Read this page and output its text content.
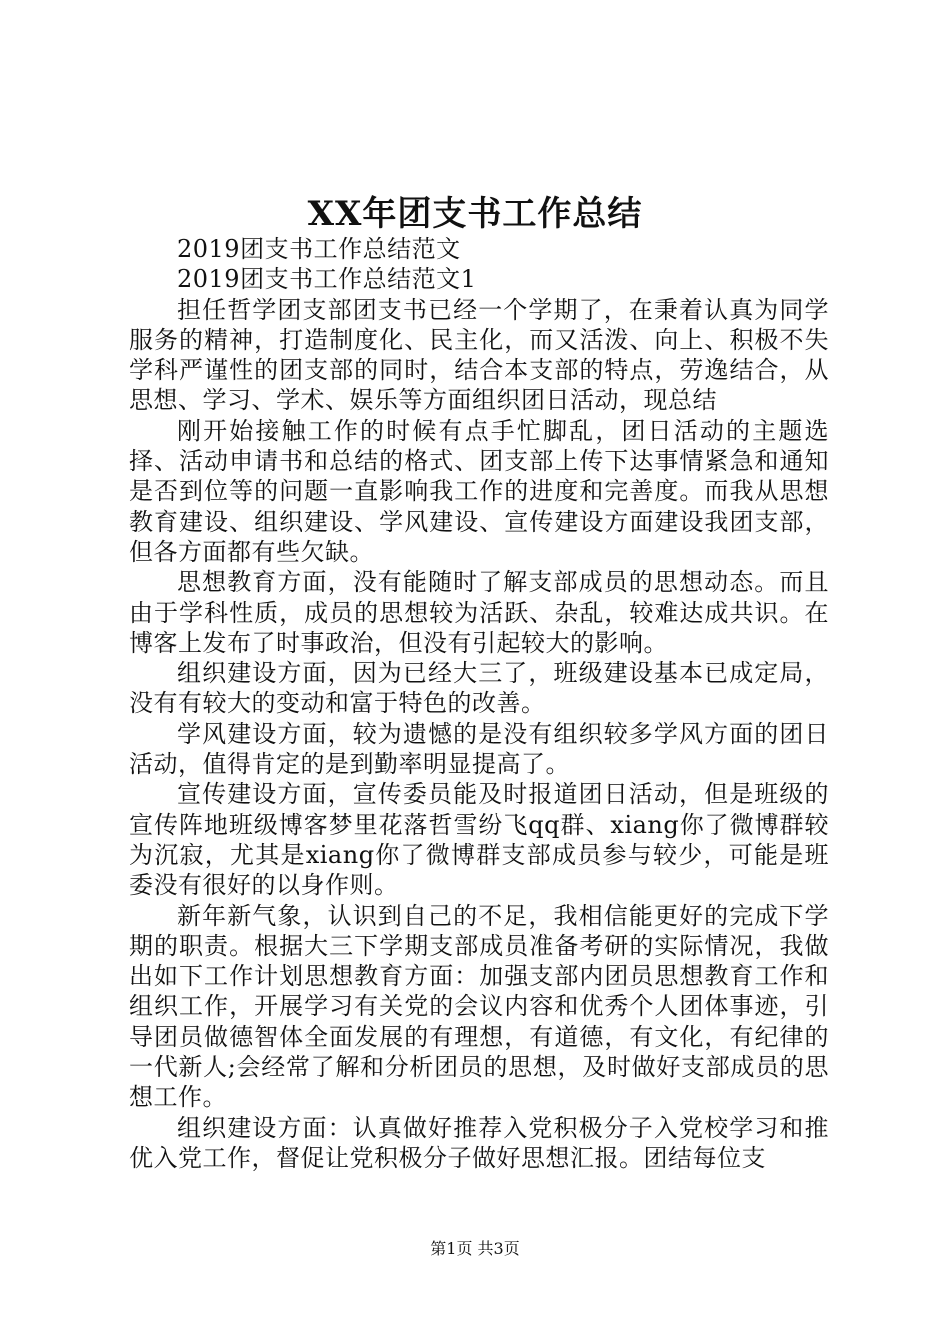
XX年团支书工作总结

2019团支书工作总结范文

2019团支书工作总结范文1

担任哲学团支部团支书已经一个学期了，在秉着认真为同学服务的精神，打造制度化、民主化，而又活泼、向上、积极不失学科严谨性的团支部的同时，结合本支部的特点，劳逸结合，从思想、学习、学术、娱乐等方面组织团日活动，现总结

刚开始接触工作的时候有点手忙脚乱，团日活动的主题选择、活动申请书和总结的格式、团支部上传下达事情紧急和通知是否到位等的问题一直影响我工作的进度和完善度。而我从思想教育建设、组织建设、学风建设、宣传建设方面建设我团支部，但各方面都有些欠缺。

思想教育方面，没有能随时了解支部成员的思想动态。而且由于学科性质，成员的思想较为活跃、杂乱，较难达成共识。在博客上发布了时事政治，但没有引起较大的影响。

组织建设方面，因为已经大三了，班级建设基本已成定局，没有有较大的变动和富于特色的改善。

学风建设方面，较为遗憾的是没有组织较多学风方面的团日活动，值得肯定的是到勤率明显提高了。

宣传建设方面，宣传委员能及时报道团日活动，但是班级的宣传阵地班级博客梦里花落哲雪纷飞qq群、xiang你了微博群较为沉寂，尤其是xiang你了微博群支部成员参与较少，可能是班委没有很好的以身作则。

新年新气象，认识到自己的不足，我相信能更好的完成下学期的职责。根据大三下学期支部成员准备考研的实际情况，我做出如下工作计划思想教育方面：加强支部内团员思想教育工作和组织工作，开展学习有关党的会议内容和优秀个人团体事迹，引导团员做德智体全面发展的有理想，有道德，有文化，有纪律的一代新人;会经常了解和分析团员的思想，及时做好支部成员的思想工作。

组织建设方面：认真做好推荐入党积极分子入党校学习和推优入党工作，督促让党积极分子做好思想汇报。团结每位支

第1页 共3页
